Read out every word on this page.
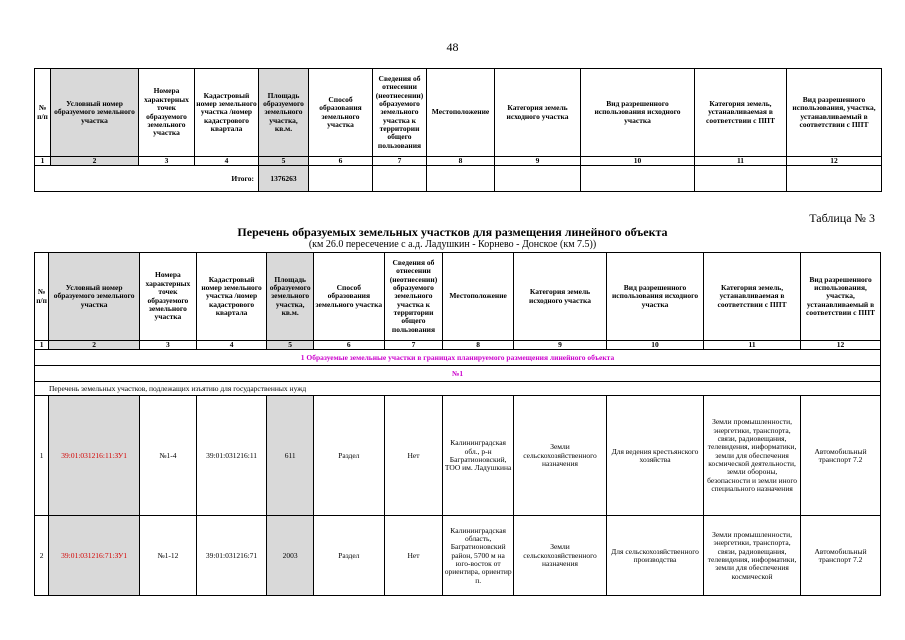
48
№ п/п	Условный номер образуемого земельного участка	Номера характерных точек образуемого земельного участка	Кадастровый номер земельного участка /номер кадастрового квартала	Площадь образуемого земельного участка, кв.м.	Способ образования земельного участка	Сведения об отнесении (неотнесении) образуемого земельного участка к территории общего пользования	Местоположение	Категория земель исходного участка	Вид разрешенного использования исходного участка	Категория земель, устанавливаемая в соответствии с ППТ	Вид разрешенного использования, участка, устанавливаемый в соответствии с ППТ
1	2	3	4	5	6	7	8	9	10	11	12
Итого:				1376263							
Таблица № 3
Перечень образуемых земельных участков для размещения линейного объекта
(км 26.0 пересечение с а.д. Ладушкин - Корнево - Донское (км 7.5))
№ п/п	Условный номер образуемого земельного участка	Номера характерных точек образуемого земельного участка	Кадастровый номер земельного участка /номер кадастрового квартала	Площадь образуемого земельного участка, кв.м.	Способ образования земельного участка	Сведения об отнесении (неотнесении) образуемого земельного участка к территории общего пользования	Местоположение	Категория земель исходного участка	Вид разрешенного использования исходного участка	Категория земель, устанавливаемая в соответствии с ППТ	Вид разрешенного использования, участка, устанавливаемый в соответствии с ППТ
1	2	3	4	5	6	7	8	9	10	11	12
1 Образуемые земельные участки в границах планируемого размещения линейного объекта											
№1											
Перечень земельных участков, подлежащих изъятию для государственных нужд											
1	39:01:031216:11:ЗУ1	№1-4	39:01:031216:11	611	Раздел	Нет	Калининградская обл., р-н Багратионовский, ТОО им. Ладушкина	Земли сельскохозяйственного назначения	Для ведения крестьянского хозяйства	Земли промышленности, энергетики, транспорта, связи, радиовещания, телевидения, информатики, земли для обеспечения космической деятельности, земли обороны, безопасности и земли иного специального назначения	Автомобильный транспорт 7.2
2	39:01:031216:71:ЗУ1	№1-12	39:01:031216:71	2003	Раздел	Нет	Калининградская область, Багратионовский район, 5700 м на юго-восток от ориентира, ориентир п.	Земли сельскохозяйственного назначения	Для сельскохозяйственного производства	Земли промышленности, энергетики, транспорта, связи, радиовещания, телевидения, информатики, земли для обеспечения космической	Автомобильный транспорт 7.2
